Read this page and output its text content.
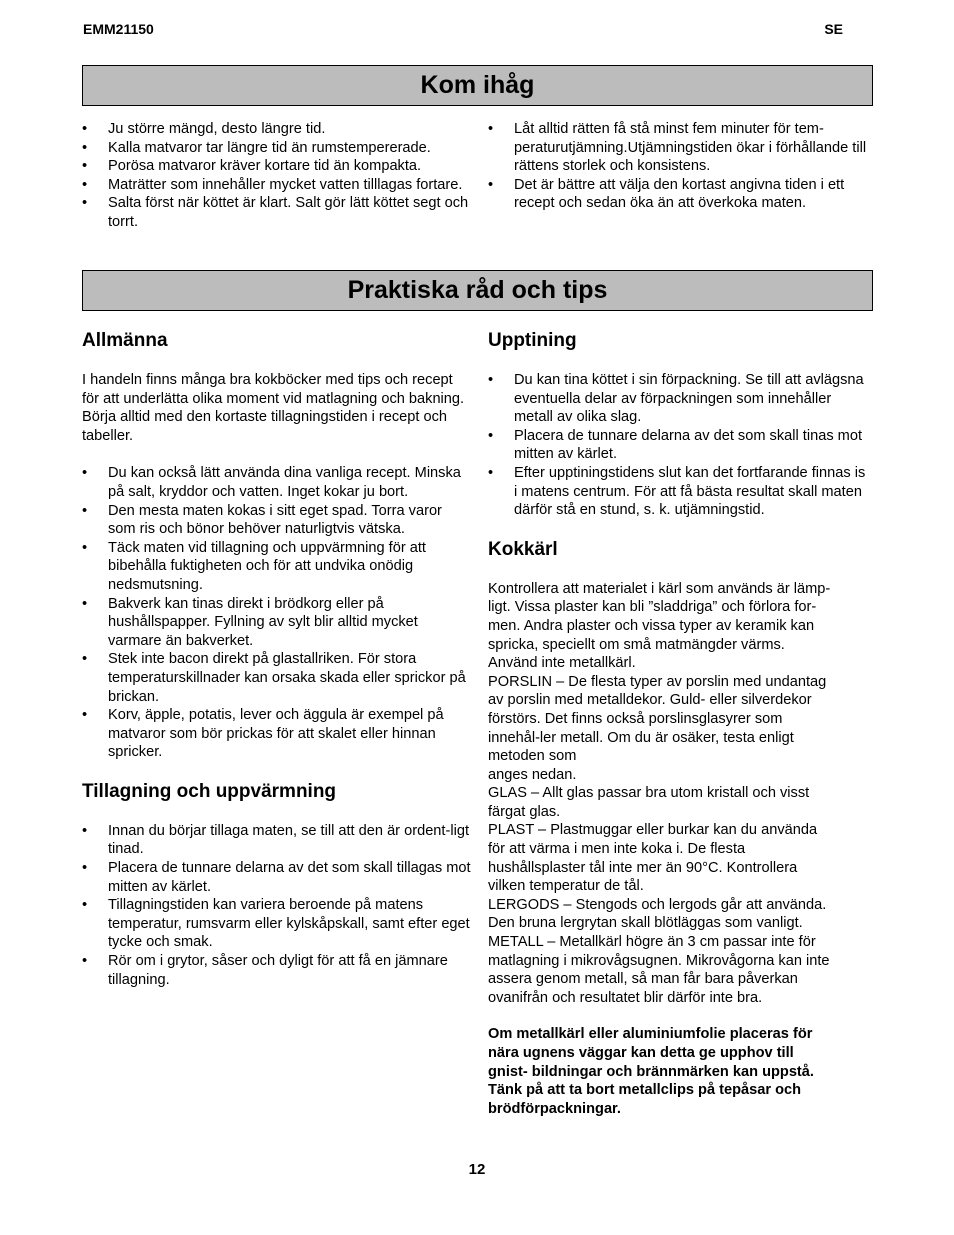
EMM21150	SE
Kom ihåg
• Ju större mängd, desto längre tid.
• Kalla matvaror tar längre tid än rumstempererade.
• Porösa matvaror kräver kortare tid än kompakta.
• Maträtter som innehåller mycket vatten tilllagas fortare.
• Salta först när köttet är klart. Salt gör lätt köttet segt och torrt.
• Låt alltid rätten få stå minst fem minuter för tem-peraturutjämning.Utjämningstiden ökar i förhållande till rättens storlek och konsistens.
• Det är bättre att välja den kortast angivna tiden i ett recept och sedan öka än att överkoka maten.
Praktiska råd och tips
Allmänna

I handeln finns många bra kokböcker med tips och recept för att underlätta olika moment vid matlagning och bakning. Börja alltid med den kortaste tillagningstiden i recept och tabeller.

• Du kan också lätt använda dina vanliga recept. Minska på salt, kryddor och vatten. Inget kokar ju bort.
• Den mesta maten kokas i sitt eget spad. Torra varor som ris och bönor behöver naturligtvis vätska.
• Täck maten vid tillagning och uppvärmning för att bibehålla fuktigheten och för att undvika onödig nedsmutsning.
• Bakverk kan tinas direkt i brödkorg eller på hushållspapper. Fyllning av sylt blir alltid mycket varmare än bakverket.
• Stek inte bacon direkt på glastallriken. För stora temperaturskillnader kan orsaka skada eller sprickor på brickan.
• Korv, äpple, potatis, lever och äggula är exempel på matvaror som bör prickas för att skalet eller hinnan spricker.
Tillagning och uppvärmning
• Innan du börjar tillaga maten, se till att den är ordent-ligt tinad.
• Placera de tunnare delarna av det som skall tillagas mot mitten av kärlet.
• Tillagningstiden kan variera beroende på matens temperatur, rumsvarm eller kylskåpskall, samt efter eget tycke och smak.
• Rör om i grytor, såser och dyligt för att få en jämnare tillagning.
Upptining
• Du kan tina köttet i sin förpackning. Se till att avlägsna eventuella delar av förpackningen som innehåller metall av olika slag.
• Placera de tunnare delarna av det som skall tinas mot mitten av kärlet.
• Efter upptiningstidens slut kan det fortfarande finnas is i matens centrum. För att få bästa resultat skall maten därför stå en stund, s. k. utjämningstid.
Kokkärl
Kontrollera att materialet i kärl som används är lämp-
ligt. Vissa plaster kan bli ”sladdriga” och förlora for-
men. Andra plaster och vissa typer av keramik kan
spricka, speciellt om små matmängder värms.
Använd inte metallkärl.
PORSLIN – De flesta typer av porslin med undantag
av porslin med metalldekor. Guld- eller silverdekor
förstörs. Det finns också porslinsglasyrer som
innehål-ler metall. Om du är osäker, testa enligt
metoden som
anges nedan.
GLAS – Allt glas passar bra utom kristall och visst
färgat glas.
PLAST – Plastmuggar eller burkar kan du använda
för att värma i men inte koka i. De flesta
hushållsplaster tål inte mer än 90°C. Kontrollera
vilken temperatur de tål.
LERGODS – Stengods och lergods går att använda.
Den bruna lergrytan skall blötläggas som vanligt.
METALL – Metallkärl högre än 3 cm passar inte för
matlagning i mikrovågsugnen. Mikrovågorna kan inte
assera genom metall, så man får bara påverkan
ovanifrån och resultatet blir därför inte bra.
Om metallkärl eller aluminiumfolie placeras för
nära ugnens väggar kan detta ge upphov till
gnist- bildningar och brännmärken kan uppstå.
Tänk på att ta bort metallclips på tepåsar och
brödförpackningar.
12
